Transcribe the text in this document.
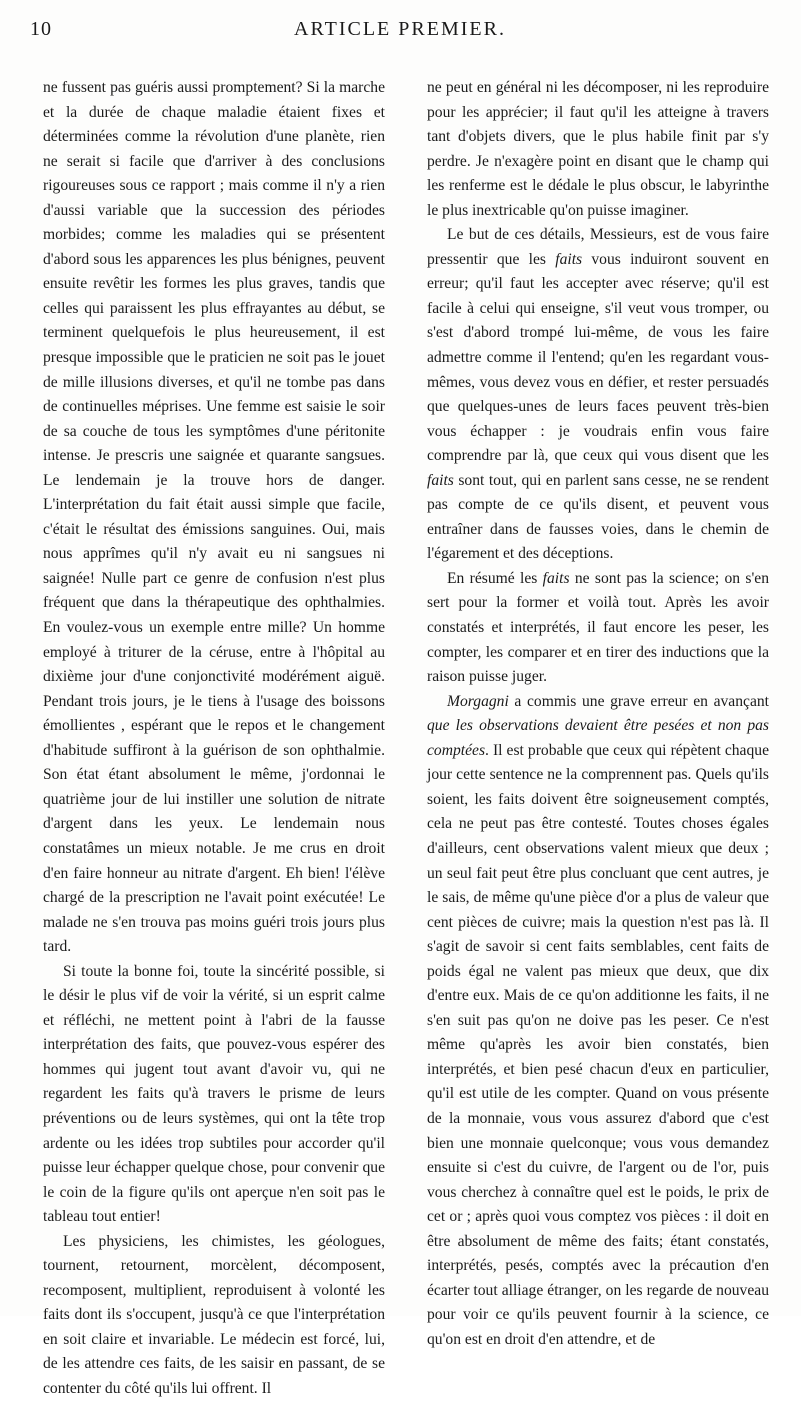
10	ARTICLE PREMIER.

ne fussent pas guéris aussi promptement? Si la marche et la durée de chaque maladie étaient fixes et déterminées comme la révolution d'une planète, rien ne serait si facile que d'arriver à des conclusions rigoureuses sous ce rapport ; mais comme il n'y a rien d'aussi variable que la succession des périodes morbides; comme les maladies qui se présentent d'abord sous les apparences les plus bénignes, peuvent ensuite revêtir les formes les plus graves, tandis que celles qui paraissent les plus effrayantes au début, se terminent quelquefois le plus heureusement, il est presque impossible que le praticien ne soit pas le jouet de mille illusions diverses, et qu'il ne tombe pas dans de continuelles méprises. Une femme est saisie le soir de sa couche de tous les symptômes d'une péritonite intense. Je prescris une saignée et quarante sangsues. Le lendemain je la trouve hors de danger. L'interprétation du fait était aussi simple que facile, c'était le résultat des émissions sanguines. Oui, mais nous apprîmes qu'il n'y avait eu ni sangsues ni saignée! Nulle part ce genre de confusion n'est plus fréquent que dans la thérapeutique des ophthalmies. En voulez-vous un exemple entre mille? Un homme employé à triturer de la céruse, entre à l'hôpital au dixième jour d'une conjonctivité modérément aiguë. Pendant trois jours, je le tiens à l'usage des boissons émollientes , espérant que le repos et le changement d'habitude suffiront à la guérison de son ophthalmie. Son état étant absolument le même, j'ordonnai le quatrième jour de lui instiller une solution de nitrate d'argent dans les yeux. Le lendemain nous constatâmes un mieux notable. Je me crus en droit d'en faire honneur au nitrate d'argent. Eh bien! l'élève chargé de la prescription ne l'avait point exécutée! Le malade ne s'en trouva pas moins guéri trois jours plus tard.

Si toute la bonne foi, toute la sincérité possible, si le désir le plus vif de voir la vérité, si un esprit calme et réfléchi, ne mettent point à l'abri de la fausse interprétation des faits, que pouvez-vous espérer des hommes qui jugent tout avant d'avoir vu, qui ne regardent les faits qu'à travers le prisme de leurs préventions ou de leurs systèmes, qui ont la tête trop ardente ou les idées trop subtiles pour accorder qu'il puisse leur échapper quelque chose, pour convenir que le coin de la figure qu'ils ont aperçue n'en soit pas le tableau tout entier!

Les physiciens, les chimistes, les géologues, tournent, retournent, morcèlent, décomposent, recomposent, multiplient, reproduisent à volonté les faits dont ils s'occupent, jusqu'à ce que l'interprétation en soit claire et invariable. Le médecin est forcé, lui, de les attendre ces faits, de les saisir en passant, de se contenter du côté qu'ils lui offrent. Il

ne peut en général ni les décomposer, ni les reproduire pour les apprécier; il faut qu'il les atteigne à travers tant d'objets divers, que le plus habile finit par s'y perdre. Je n'exagère point en disant que le champ qui les renferme est le dédale le plus obscur, le labyrinthe le plus inextricable qu'on puisse imaginer.

Le but de ces détails, Messieurs, est de vous faire pressentir que les faits vous induiront souvent en erreur; qu'il faut les accepter avec réserve; qu'il est facile à celui qui enseigne, s'il veut vous tromper, ou s'est d'abord trompé lui-même, de vous les faire admettre comme il l'entend; qu'en les regardant vous-mêmes, vous devez vous en défier, et rester persuadés que quelques-unes de leurs faces peuvent très-bien vous échapper : je voudrais enfin vous faire comprendre par là, que ceux qui vous disent que les faits sont tout, qui en parlent sans cesse, ne se rendent pas compte de ce qu'ils disent, et peuvent vous entraîner dans de fausses voies, dans le chemin de l'égarement et des déceptions.

En résumé les faits ne sont pas la science; on s'en sert pour la former et voilà tout. Après les avoir constatés et interprétés, il faut encore les peser, les compter, les comparer et en tirer des inductions que la raison puisse juger.

Morgagni a commis une grave erreur en avançant que les observations devaient être pesées et non pas comptées. Il est probable que ceux qui répètent chaque jour cette sentence ne la comprennent pas. Quels qu'ils soient, les faits doivent être soigneusement comptés, cela ne peut pas être contesté. Toutes choses égales d'ailleurs, cent observations valent mieux que deux ; un seul fait peut être plus concluant que cent autres, je le sais, de même qu'une pièce d'or a plus de valeur que cent pièces de cuivre; mais la question n'est pas là. Il s'agit de savoir si cent faits semblables, cent faits de poids égal ne valent pas mieux que deux, que dix d'entre eux. Mais de ce qu'on additionne les faits, il ne s'en suit pas qu'on ne doive pas les peser. Ce n'est même qu'après les avoir bien constatés, bien interprétés, et bien pesé chacun d'eux en particulier, qu'il est utile de les compter. Quand on vous présente de la monnaie, vous vous assurez d'abord que c'est bien une monnaie quelconque; vous vous demandez ensuite si c'est du cuivre, de l'argent ou de l'or, puis vous cherchez à connaître quel est le poids, le prix de cet or ; après quoi vous comptez vos pièces : il doit en être absolument de même des faits; étant constatés, interprétés, pesés, comptés avec la précaution d'en écarter tout alliage étranger, on les regarde de nouveau pour voir ce qu'ils peuvent fournir à la science, ce qu'on est en droit d'en attendre, et de
